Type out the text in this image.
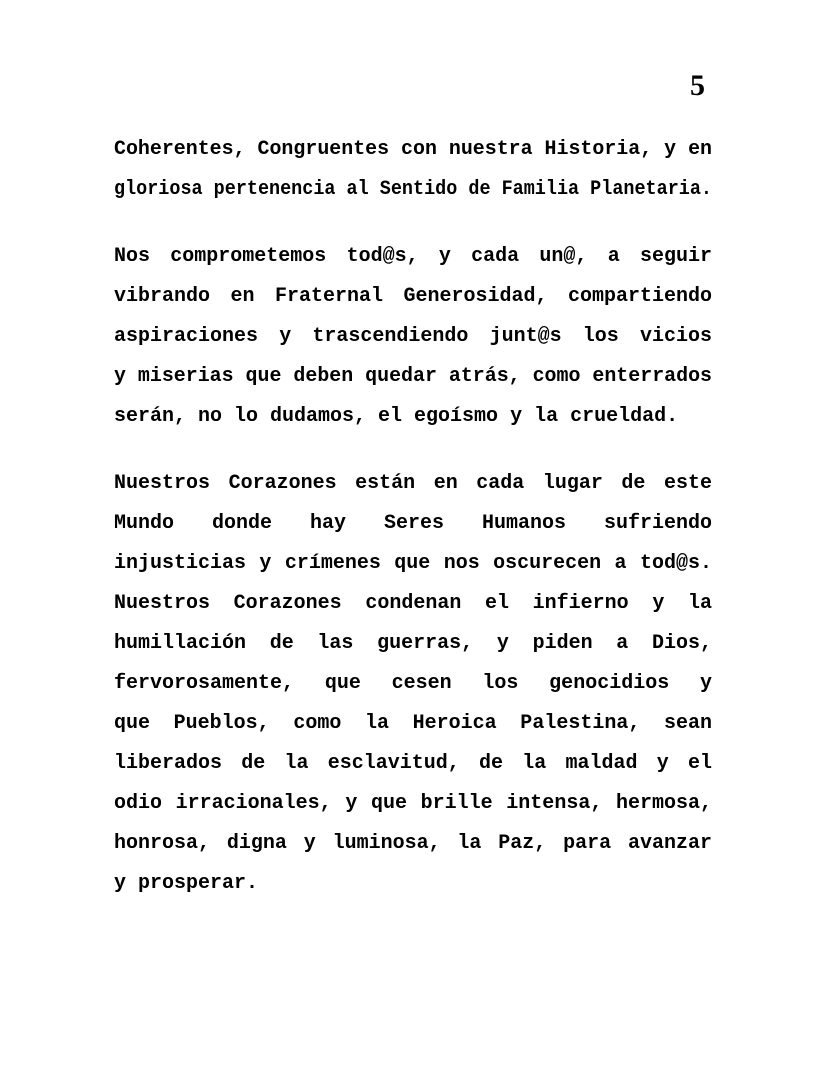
5
Coherentes, Congruentes con nuestra Historia, y en
gloriosa pertenencia al Sentido de Familia Planetaria.
Nos comprometemos tod@s, y cada un@, a seguir
vibrando en Fraternal Generosidad, compartiendo
aspiraciones y trascendiendo junt@s los vicios
y miserias que deben quedar atrás, como enterrados
serán, no lo dudamos, el egoísmo y la crueldad.
Nuestros Corazones están en cada lugar de este
Mundo donde hay Seres Humanos sufriendo
injusticias y crímenes que nos oscurecen a tod@s.
Nuestros Corazones condenan el infierno y la
humillación de las guerras, y piden a Dios,
fervorosamente, que cesen los genocidios y
que Pueblos, como la Heroica Palestina, sean
liberados de la esclavitud, de la maldad y el
odio irracionales, y que brille intensa, hermosa,
honrosa, digna y luminosa, la Paz, para avanzar
y prosperar.
